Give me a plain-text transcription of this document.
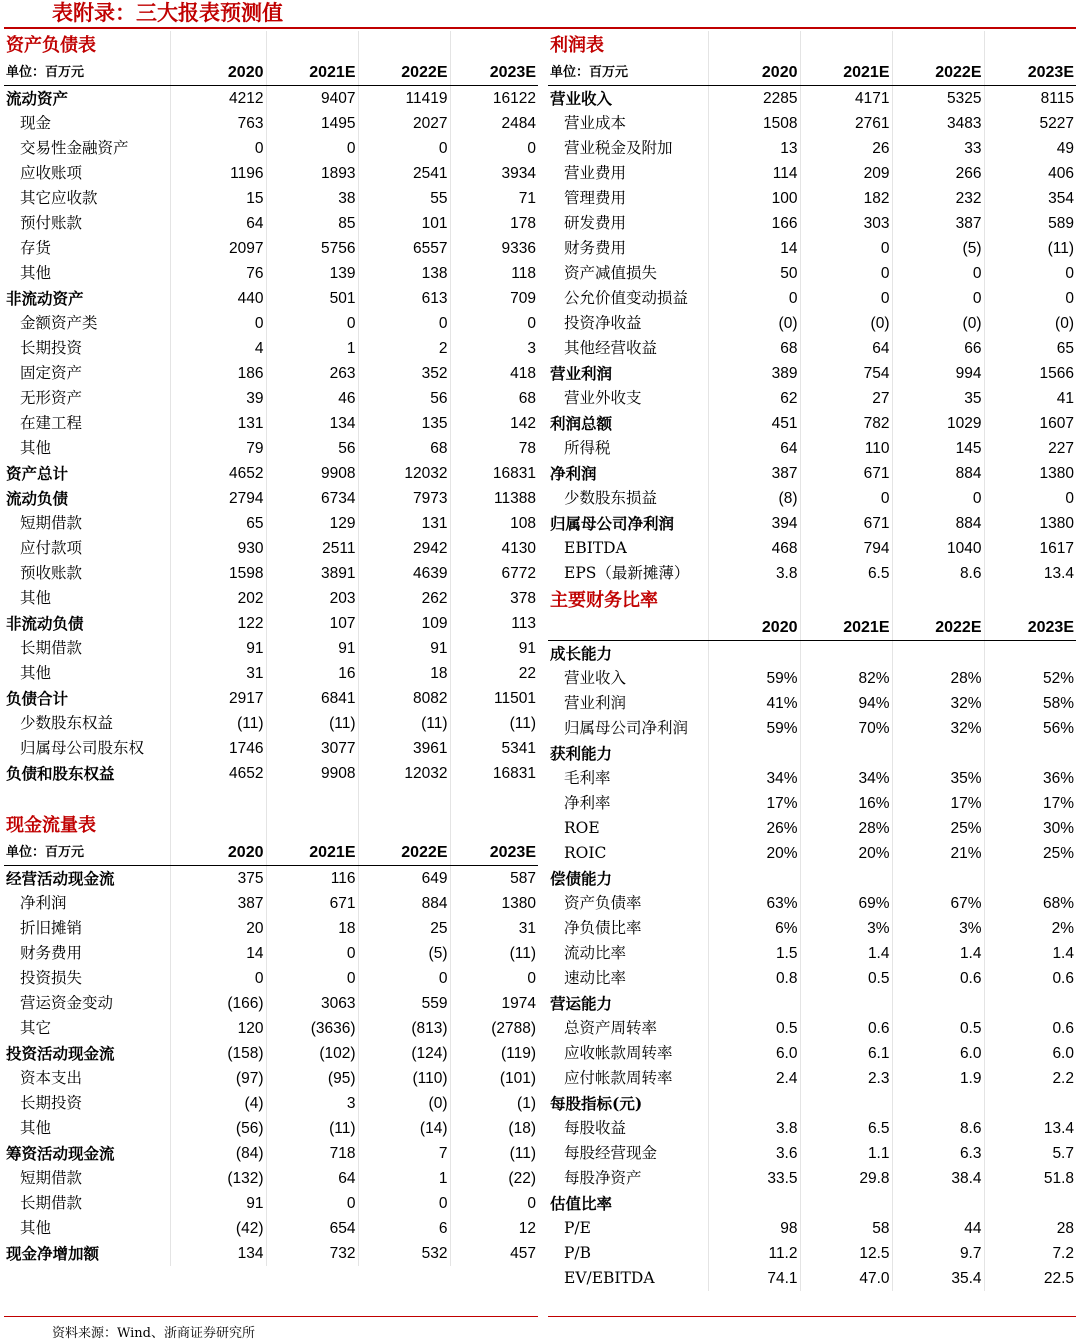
表附录：三大报表预测值
资产负债表				
单位：百万元	2020	2021E	2022E	2023E
流动资产	4212	9407	11419	16122
现金	763	1495	2027	2484
交易性金融资产	0	0	0	0
应收账项	1196	1893	2541	3934
其它应收款	15	38	55	71
预付账款	64	85	101	178
存货	2097	5756	6557	9336
其他	76	139	138	118
非流动资产	440	501	613	709
金额资产类	0	0	0	0
长期投资	4	1	2	3
固定资产	186	263	352	418
无形资产	39	46	56	68
在建工程	131	134	135	142
其他	79	56	68	78
资产总计	4652	9908	12032	16831
流动负债	2794	6734	7973	11388
短期借款	65	129	131	108
应付款项	930	2511	2942	4130
预收账款	1598	3891	4639	6772
其他	202	203	262	378
非流动负债	122	107	109	113
长期借款	91	91	91	91
其他	31	16	18	22
负债合计	2917	6841	8082	11501
少数股东权益	(11)	(11)	(11)	(11)
归属母公司股东权	1746	3077	3961	5341
负债和股东权益	4652	9908	12032	16831

现金流量表				
单位：百万元	2020	2021E	2022E	2023E
经营活动现金流	375	116	649	587
净利润	387	671	884	1380
折旧摊销	20	18	25	31
财务费用	14	0	(5)	(11)
投资损失	0	0	0	0
营运资金变动	(166)	3063	559	1974
其它	120	(3636)	(813)	(2788)
投资活动现金流	(158)	(102)	(124)	(119)
资本支出	(97)	(95)	(110)	(101)
长期投资	(4)	3	(0)	(1)
其他	(56)	(11)	(14)	(18)
筹资活动现金流	(84)	718	7	(11)
短期借款	(132)	64	1	(22)
长期借款	91	0	0	0
其他	(42)	654	6	12
现金净增加额	134	732	532	457
利润表				
单位：百万元	2020	2021E	2022E	2023E
营业收入	2285	4171	5325	8115
营业成本	1508	2761	3483	5227
营业税金及附加	13	26	33	49
营业费用	114	209	266	406
管理费用	100	182	232	354
研发费用	166	303	387	589
财务费用	14	0	(5)	(11)
资产减值损失	50	0	0	0
公允价值变动损益	0	0	0	0
投资净收益	(0)	(0)	(0)	(0)
其他经营收益	68	64	66	65
营业利润	389	754	994	1566
营业外收支	62	27	35	41
利润总额	451	782	1029	1607
所得税	64	110	145	227
净利润	387	671	884	1380
少数股东损益	(8)	0	0	0
归属母公司净利润	394	671	884	1380
EBITDA	468	794	1040	1617
EPS（最新摊薄）	3.8	6.5	8.6	13.4
主要财务比率				
	2020	2021E	2022E	2023E
成长能力				
营业收入	59%	82%	28%	52%
营业利润	41%	94%	32%	58%
归属母公司净利润	59%	70%	32%	56%
获利能力				
毛利率	34%	34%	35%	36%
净利率	17%	16%	17%	17%
ROE	26%	28%	25%	30%
ROIC	20%	20%	21%	25%
偿债能力				
资产负债率	63%	69%	67%	68%
净负债比率	6%	3%	3%	2%
流动比率	1.5	1.4	1.4	1.4
速动比率	0.8	0.5	0.6	0.6
营运能力				
总资产周转率	0.5	0.6	0.5	0.6
应收帐款周转率	6.0	6.1	6.0	6.0
应付帐款周转率	2.4	2.3	1.9	2.2
每股指标(元)				
每股收益	3.8	6.5	8.6	13.4
每股经营现金	3.6	1.1	6.3	5.7
每股净资产	33.5	29.8	38.4	51.8
估值比率				
P/E	98	58	44	28
P/B	11.2	12.5	9.7	7.2
EV/EBITDA	74.1	47.0	35.4	22.5
资料来源：Wind、浙商证券研究所
